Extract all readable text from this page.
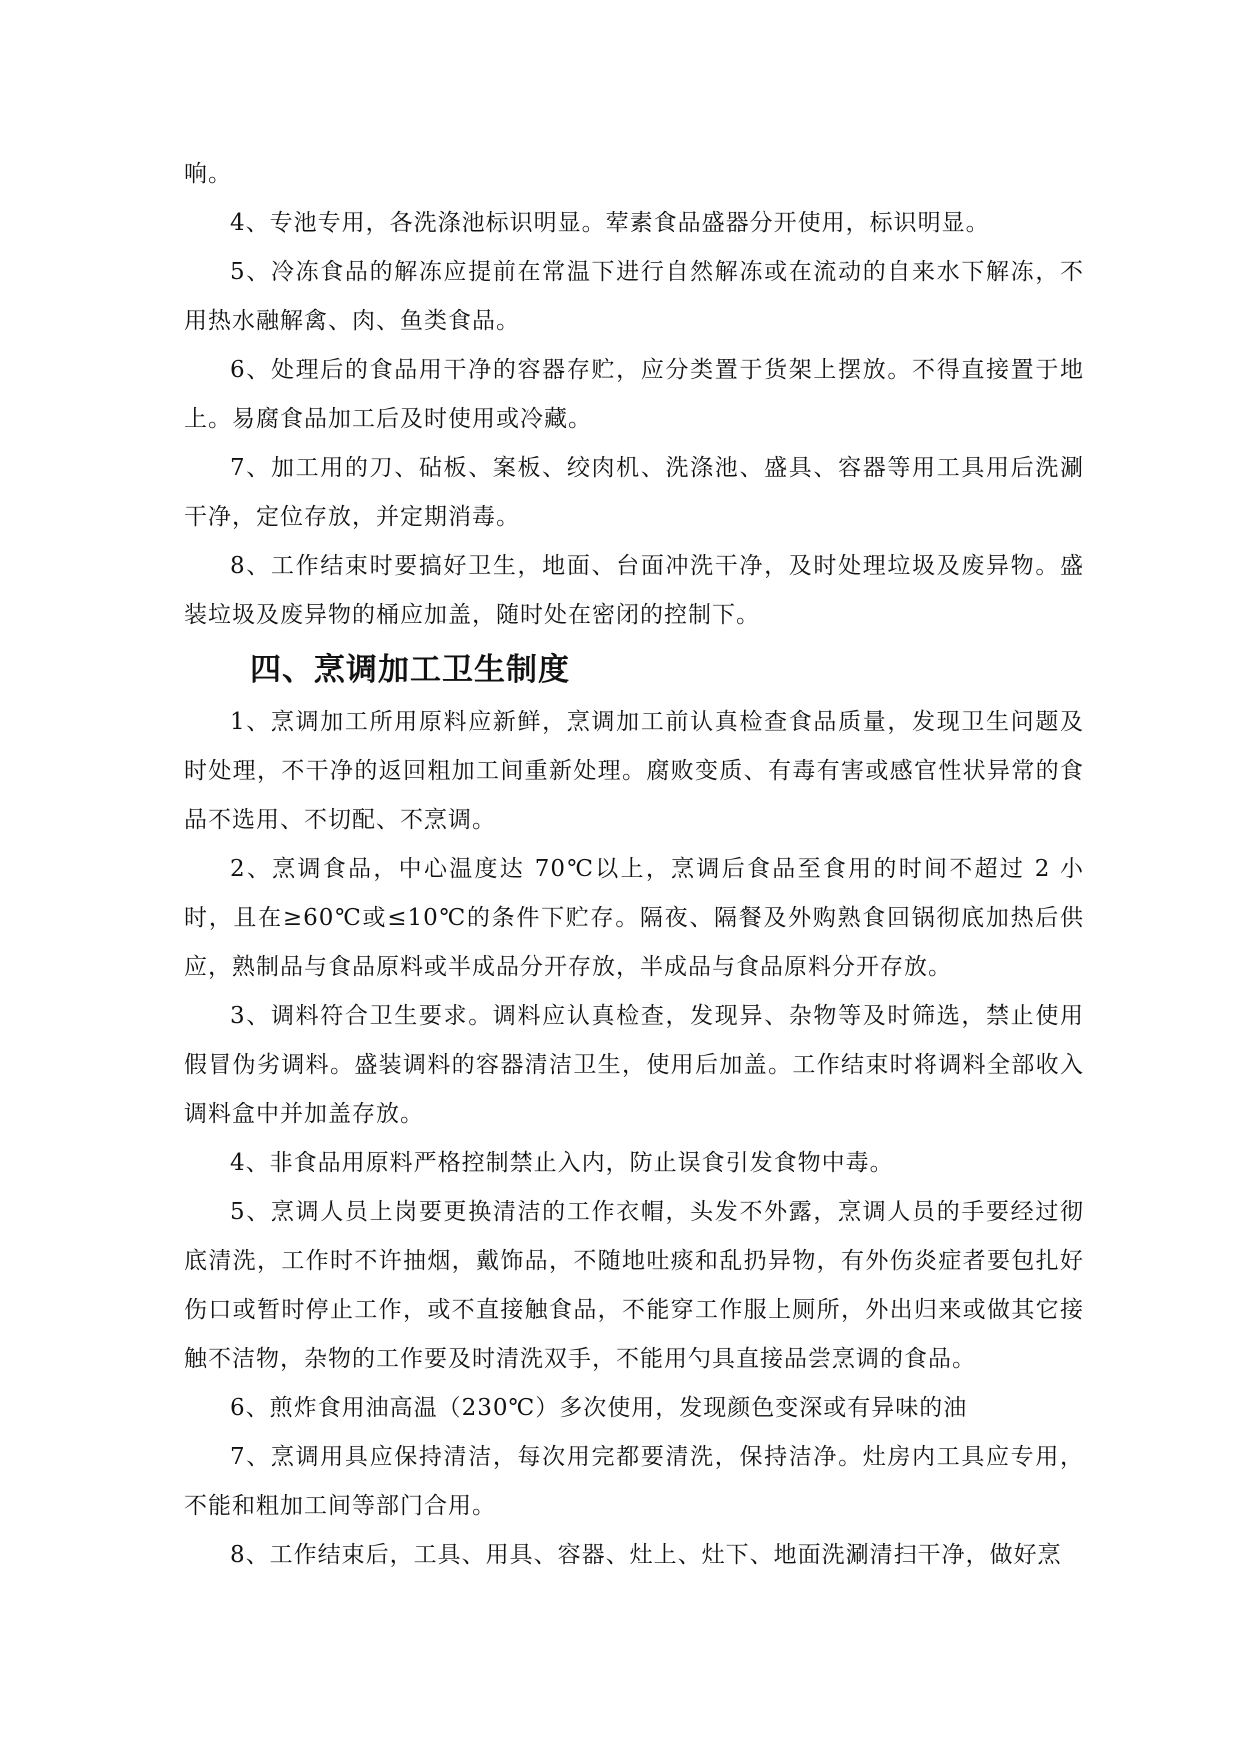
响。

4、专池专用，各洗涤池标识明显。荤素食品盛器分开使用，标识明显。

5、冷冻食品的解冻应提前在常温下进行自然解冻或在流动的自来水下解冻，不用热水融解禽、肉、鱼类食品。

6、处理后的食品用干净的容器存贮，应分类置于货架上摆放。不得直接置于地上。易腐食品加工后及时使用或冷藏。

7、加工用的刀、砧板、案板、绞肉机、洗涤池、盛具、容器等用工具用后洗涮干净，定位存放，并定期消毒。

8、工作结束时要搞好卫生，地面、台面冲洗干净，及时处理垃圾及废异物。盛装垃圾及废异物的桶应加盖，随时处在密闭的控制下。

四、烹调加工卫生制度

1、烹调加工所用原料应新鲜，烹调加工前认真检查食品质量，发现卫生问题及时处理，不干净的返回粗加工间重新处理。腐败变质、有毒有害或感官性状异常的食品不选用、不切配、不烹调。

2、烹调食品，中心温度达 70℃以上，烹调后食品至食用的时间不超过 2 小时，且在≥60℃或≤10℃的条件下贮存。隔夜、隔餐及外购熟食回锅彻底加热后供应，熟制品与食品原料或半成品分开存放，半成品与食品原料分开存放。

3、调料符合卫生要求。调料应认真检查，发现异、杂物等及时筛选，禁止使用假冒伪劣调料。盛装调料的容器清洁卫生，使用后加盖。工作结束时将调料全部收入调料盒中并加盖存放。

4、非食品用原料严格控制禁止入内，防止误食引发食物中毒。

5、烹调人员上岗要更换清洁的工作衣帽，头发不外露，烹调人员的手要经过彻底清洗，工作时不许抽烟，戴饰品，不随地吐痰和乱扔异物，有外伤炎症者要包扎好伤口或暂时停止工作，或不直接触食品，不能穿工作服上厕所，外出归来或做其它接触不洁物，杂物的工作要及时清洗双手，不能用勺具直接品尝烹调的食品。

6、煎炸食用油高温（230℃）多次使用，发现颜色变深或有异味的油

7、烹调用具应保持清洁，每次用完都要清洗，保持洁净。灶房内工具应专用，不能和粗加工间等部门合用。

8、工作结束后，工具、用具、容器、灶上、灶下、地面洗涮清扫干净，做好烹
